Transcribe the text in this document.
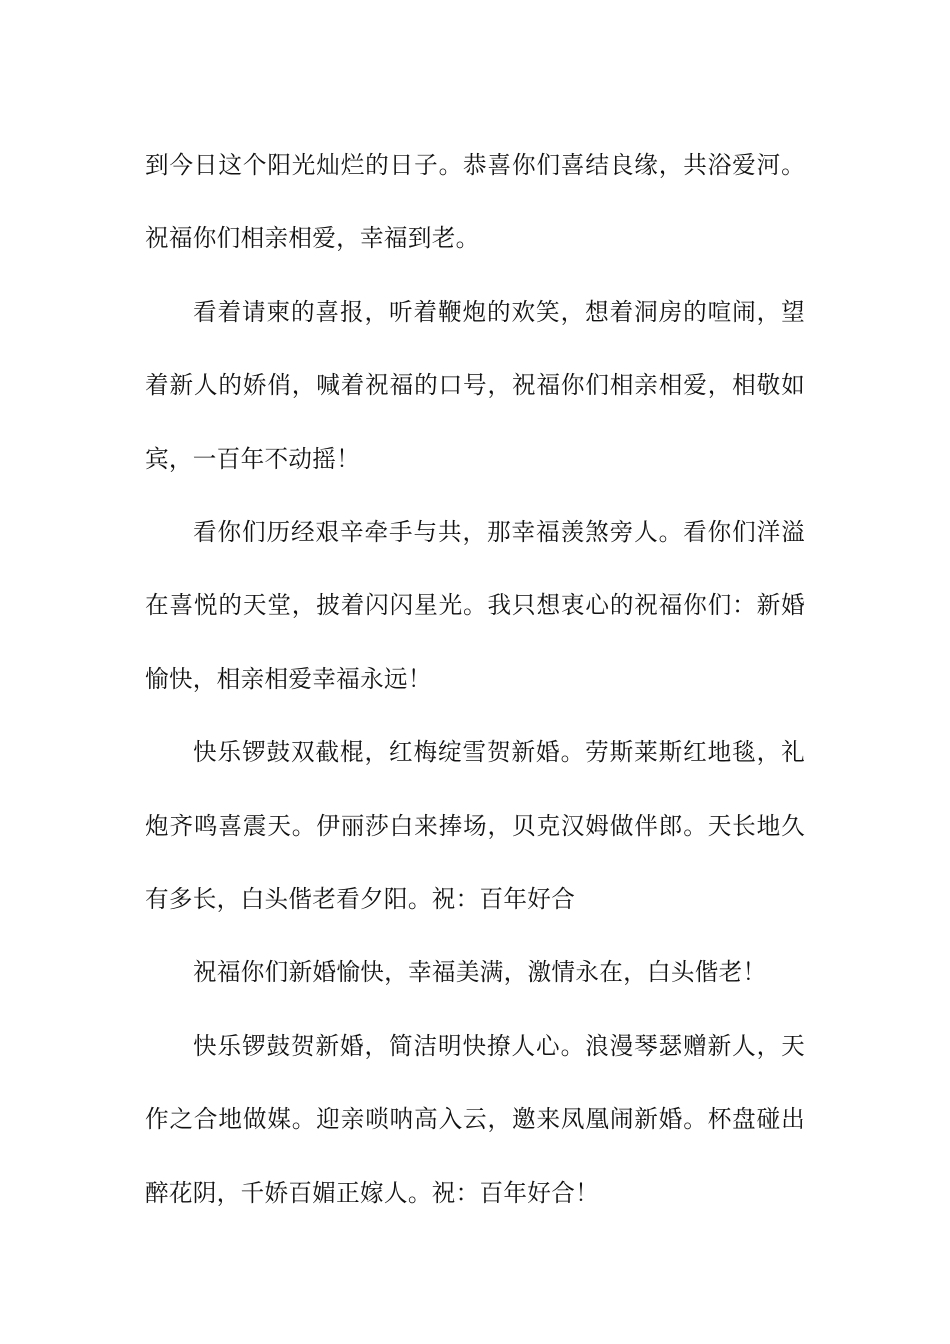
到今日这个阳光灿烂的日子。恭喜你们喜结良缘，共浴爱河。祝福你们相亲相爱，幸福到老。

看着请柬的喜报，听着鞭炮的欢笑，想着洞房的喧闹，望着新人的娇俏，喊着祝福的口号，祝福你们相亲相爱，相敬如宾，一百年不动摇！

看你们历经艰辛牵手与共，那幸福羡煞旁人。看你们洋溢在喜悦的天堂，披着闪闪星光。我只想衷心的祝福你们：新婚愉快，相亲相爱幸福永远！

快乐锣鼓双截棍，红梅绽雪贺新婚。劳斯莱斯红地毯，礼炮齐鸣喜震天。伊丽莎白来捧场，贝克汉姆做伴郎。天长地久有多长，白头偕老看夕阳。祝：百年好合

祝福你们新婚愉快，幸福美满，激情永在，白头偕老！

快乐锣鼓贺新婚，简洁明快撩人心。浪漫琴瑟赠新人，天作之合地做媒。迎亲唢呐高入云，邀来凤凰闹新婚。杯盘碰出醉花阴，千娇百媚正嫁人。祝：百年好合！
